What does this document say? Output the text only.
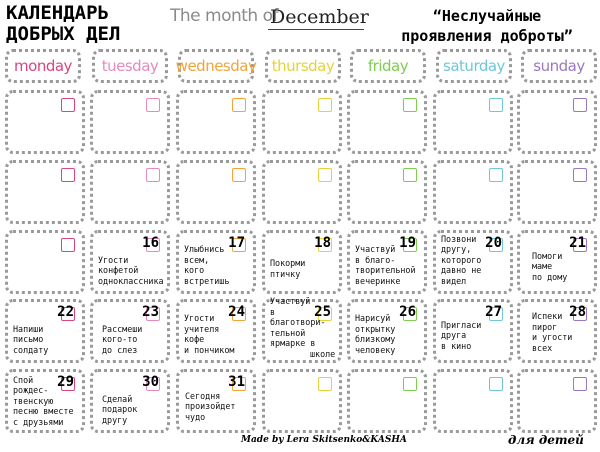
КАЛЕНДАРЬ
ДОБРЫХ ДЕЛ
The month of
December	“Неслучайные
проявления доброты”
monday tuesday wednesday thursday friday saturday sunday
16
Угости
конфетой
одноклассника
17
Улыбнись
всем,
кого
встретишь
18
Покорми
птичку
19
Участвуй
в благо-
творительной
вечеринке
20
Позвони
другу,
которого
давно не видел
21
Помоги
маме
по дому
22
Напиши
письмо
солдату
23
Рассмеши
кого-то
до слез
24
Угости
учителя
кофе
и пончиком
25
Участвуй
в благотвори-
тельной
ярмарке в
школе
26
Нарисуй
открытку
близкому
человеку
27
Пригласи
друга
в кино
28
Испеки
пирог
и угости
всех
29
Спой
рождес-
твенскую
песню вместе
с друзьями
30
Сделай
подарок
другу
31
Сегодня
произойдет
чудо
Made by Lera Skitsenko&KASHA	для детей
